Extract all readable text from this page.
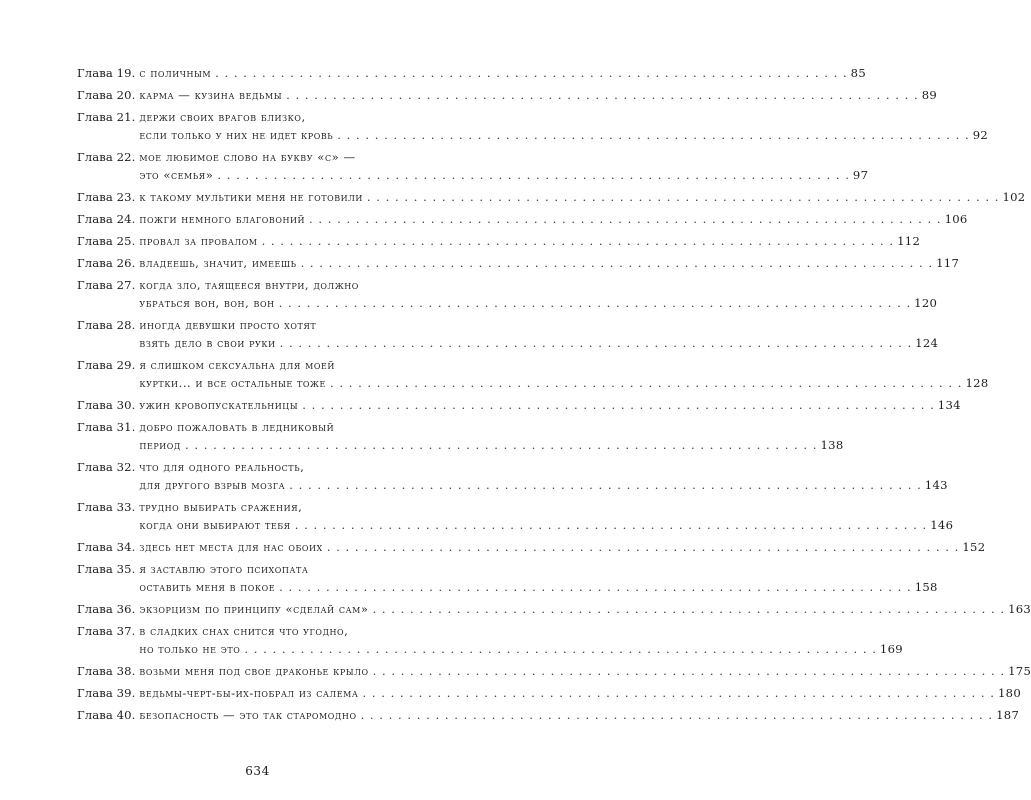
Глава 19. с поличным . . .	85
Глава 20. карма — кузина ведьмы . . .	89
Глава 21. держи своих врагов близко,
если только у них не идет кровь . . .	92
Глава 22. мое любимое слово на букву «с» —
это «семья» . . .	97
Глава 23. к такому мультики меня не готовили . . .	102
Глава 24. пожги немного благовоний . . .	106
Глава 25. провал за провалом . . .	112
Глава 26. владеешь, значит, имеешь . . .	117
Глава 27. когда зло, таящееся внутри, должно
убраться вон, вон, вон . . .	120
Глава 28. иногда девушки просто хотят
взять дело в свои руки . . .	124
Глава 29. я слишком сексуальна для моей
куртки... и все остальные тоже . . .	128
Глава 30. ужин кровопускательницы . . .	134
Глава 31. добро пожаловать в ледниковый
период . . .	138
Глава 32. что для одного реальность,
для другого взрыв мозга . . .	143
Глава 33. трудно выбирать сражения,
когда они выбирают тебя . . .	146
Глава 34. здесь нет места для нас обоих . . .	152
Глава 35. я заставлю этого психопата
оставить меня в покое . . .	158
Глава 36. экзорцизм по принципу «сделай сам» . . .	163
Глава 37. в сладких снах снится что угодно,
но только не это . . .	169
Глава 38. возьми меня под свое драконье крыло . . .	175
Глава 39. ведьмы-черт-бы-их-побрал из салема . . .	180
Глава 40. безопасность — это так старомодно . . .	187
634
